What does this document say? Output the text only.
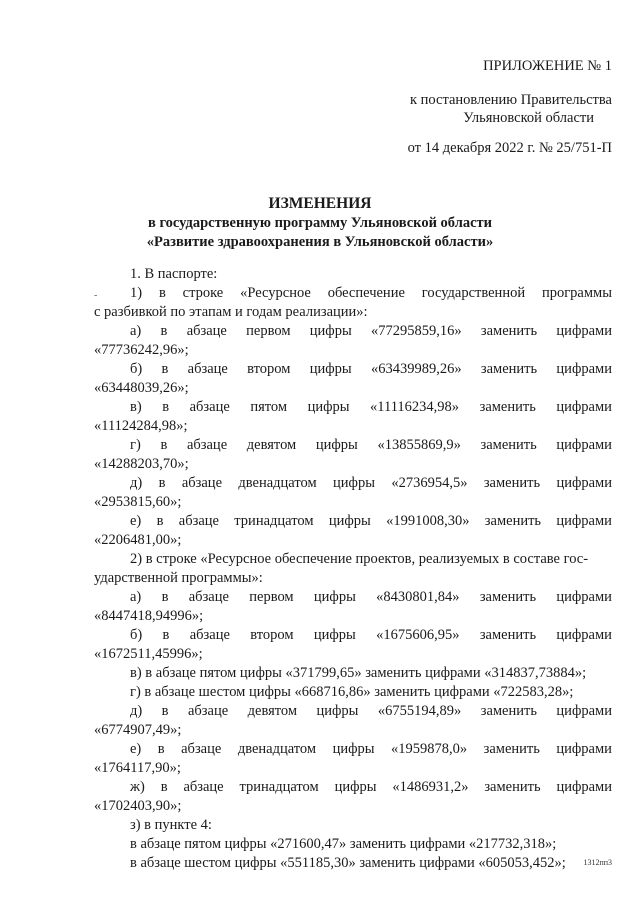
ПРИЛОЖЕНИЕ № 1
к постановлению Правительства
Ульяновской области
от 14 декабря 2022 г. № 25/751-П
ИЗМЕНЕНИЯ
в государственную программу Ульяновской области
«Развитие здравоохранения в Ульяновской области»
-
1. В паспорте:
1) в строке «Ресурсное обеспечение государственной программы
с разбивкой по этапам и годам реализации»:
а) в абзаце первом цифры «77295859,16» заменить цифрами
«77736242,96»;
б) в абзаце втором цифры «63439989,26» заменить цифрами
«63448039,26»;
в) в абзаце пятом цифры «11116234,98» заменить цифрами
«11124284,98»;
г) в абзаце девятом цифры «13855869,9» заменить цифрами
«14288203,70»;
д) в абзаце двенадцатом цифры «2736954,5» заменить цифрами
«2953815,60»;
е) в абзаце тринадцатом цифры «1991008,30» заменить цифрами
«2206481,00»;
2) в строке «Ресурсное обеспечение проектов, реализуемых в составе гос-
ударственной программы»:
а) в абзаце первом цифры «8430801,84» заменить цифрами
«8447418,94996»;
б) в абзаце втором цифры «1675606,95» заменить цифрами
«1672511,45996»;
в) в абзаце пятом цифры «371799,65» заменить цифрами «314837,73884»;
г) в абзаце шестом цифры «668716,86» заменить цифрами «722583,28»;
д) в абзаце девятом цифры «6755194,89» заменить цифрами
«6774907,49»;
е) в абзаце двенадцатом цифры «1959878,0» заменить цифрами
«1764117,90»;
ж) в абзаце тринадцатом цифры «1486931,2» заменить цифрами
«1702403,90»;
з) в пункте 4:
в абзаце пятом цифры «271600,47» заменить цифрами «217732,318»;
в абзаце шестом цифры «551185,30» заменить цифрами «605053,452»;	1312пп3
